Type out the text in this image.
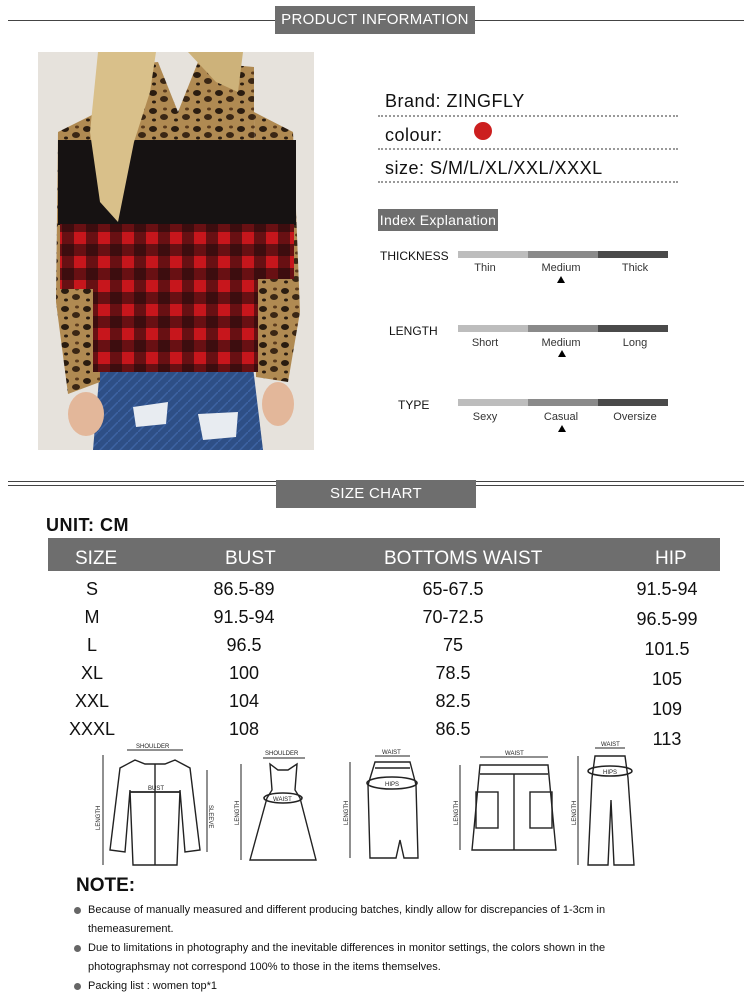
PRODUCT INFORMATION
Brand: ZINGFLY
colour:
size: S/M/L/XL/XXL/XXXL
Index Explanation
THICKNESS
Thin	Medium	Thick
LENGTH
Short	Medium	Long
TYPE
Sexy	Casual	Oversize
SIZE CHART
UNIT: CM
SIZE	BUST	BOTTOMS WAIST	HIP
S	86.5-89	65-67.5	91.5-94
M	91.5-94	70-72.5	96.5-99
L	96.5	75	101.5
XL	100	78.5	105
XXL	104	82.5	109
XXXL	108	86.5	113
SHOULDER
BUST
LENGTH	SLEEVE
SHOULDER
WAIST
LENGTH
WAIST
HIPS
LENGTH
WAIST
LENGTH
WAIST
HIPS
LENGTH
NOTE:
Because of manually measured and different producing batches, kindly allow for discrepancies of 1-3cm in themeasurement.
Due to limitations in photography and the inevitable differences in monitor settings, the colors shown in the photographsmay not correspond 100% to those in the items themselves.
Packing list : women top*1
